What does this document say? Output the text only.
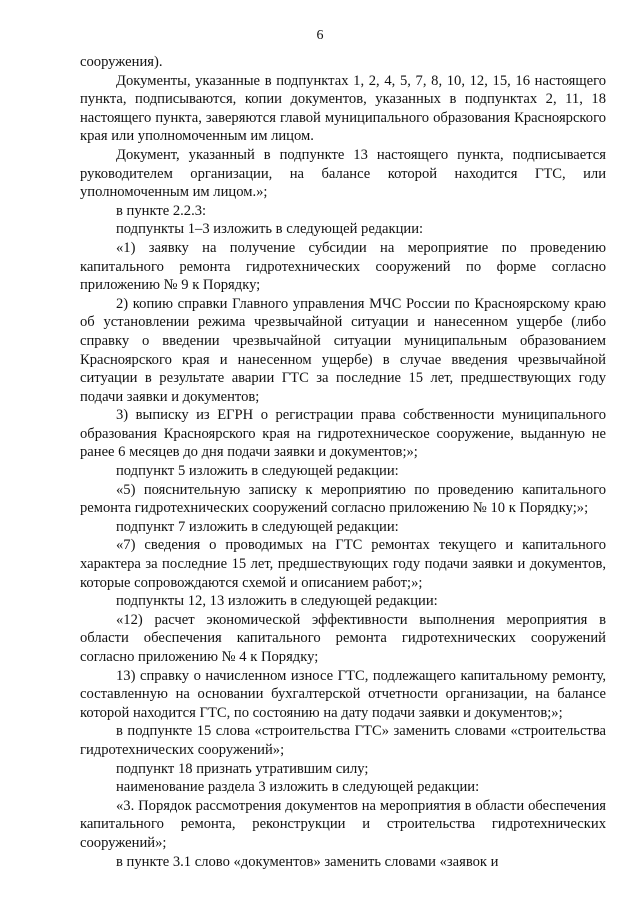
6

сооружения).

Документы, указанные в подпунктах 1, 2, 4, 5, 7, 8, 10, 12, 15, 16 настоящего пункта, подписываются, копии документов, указанных в подпунктах 2, 11, 18 настоящего пункта, заверяются главой муниципального образования Красноярского края или уполномоченным им лицом.

Документ, указанный в подпункте 13 настоящего пункта, подписывается руководителем организации, на балансе которой находится ГТС, или уполномоченным им лицом.»;

в пункте 2.2.3:

подпункты 1–3 изложить в следующей редакции:

«1) заявку на получение субсидии на мероприятие по проведению капитального ремонта гидротехнических сооружений по форме согласно приложению № 9 к Порядку;

2) копию справки Главного управления МЧС России по Красноярскому краю об установлении режима чрезвычайной ситуации и нанесенном ущербе (либо справку о введении чрезвычайной ситуации муниципальным образованием Красноярского края и нанесенном ущербе) в случае введения чрезвычайной ситуации в результате аварии ГТС за последние 15 лет, предшествующих году подачи заявки и документов;

3) выписку из ЕГРН о регистрации права собственности муниципального образования Красноярского края на гидротехническое сооружение, выданную не ранее 6 месяцев до дня подачи заявки и документов;»;

подпункт 5 изложить в следующей редакции:

«5) пояснительную записку к мероприятию по проведению капитального ремонта гидротехнических сооружений согласно приложению № 10 к Порядку;»;

подпункт 7 изложить в следующей редакции:

«7) сведения о проводимых на ГТС ремонтах текущего и капитального характера за последние 15 лет, предшествующих году подачи заявки и документов, которые сопровождаются схемой и описанием работ;»;

подпункты 12, 13 изложить в следующей редакции:

«12) расчет экономической эффективности выполнения мероприятия в области обеспечения капитального ремонта гидротехнических сооружений согласно приложению № 4 к Порядку;

13) справку о начисленном износе ГТС, подлежащего капитальному ремонту, составленную на основании бухгалтерской отчетности организации, на балансе которой находится ГТС, по состоянию на дату подачи заявки и документов;»;

в подпункте 15 слова «строительства ГТС» заменить словами «строительства гидротехнических сооружений»;

подпункт 18 признать утратившим силу;

наименование раздела 3 изложить в следующей редакции:

«3. Порядок рассмотрения документов на мероприятия в области обеспечения капитального ремонта, реконструкции и строительства гидротехнических сооружений»;

в пункте 3.1 слово «документов» заменить словами «заявок и
